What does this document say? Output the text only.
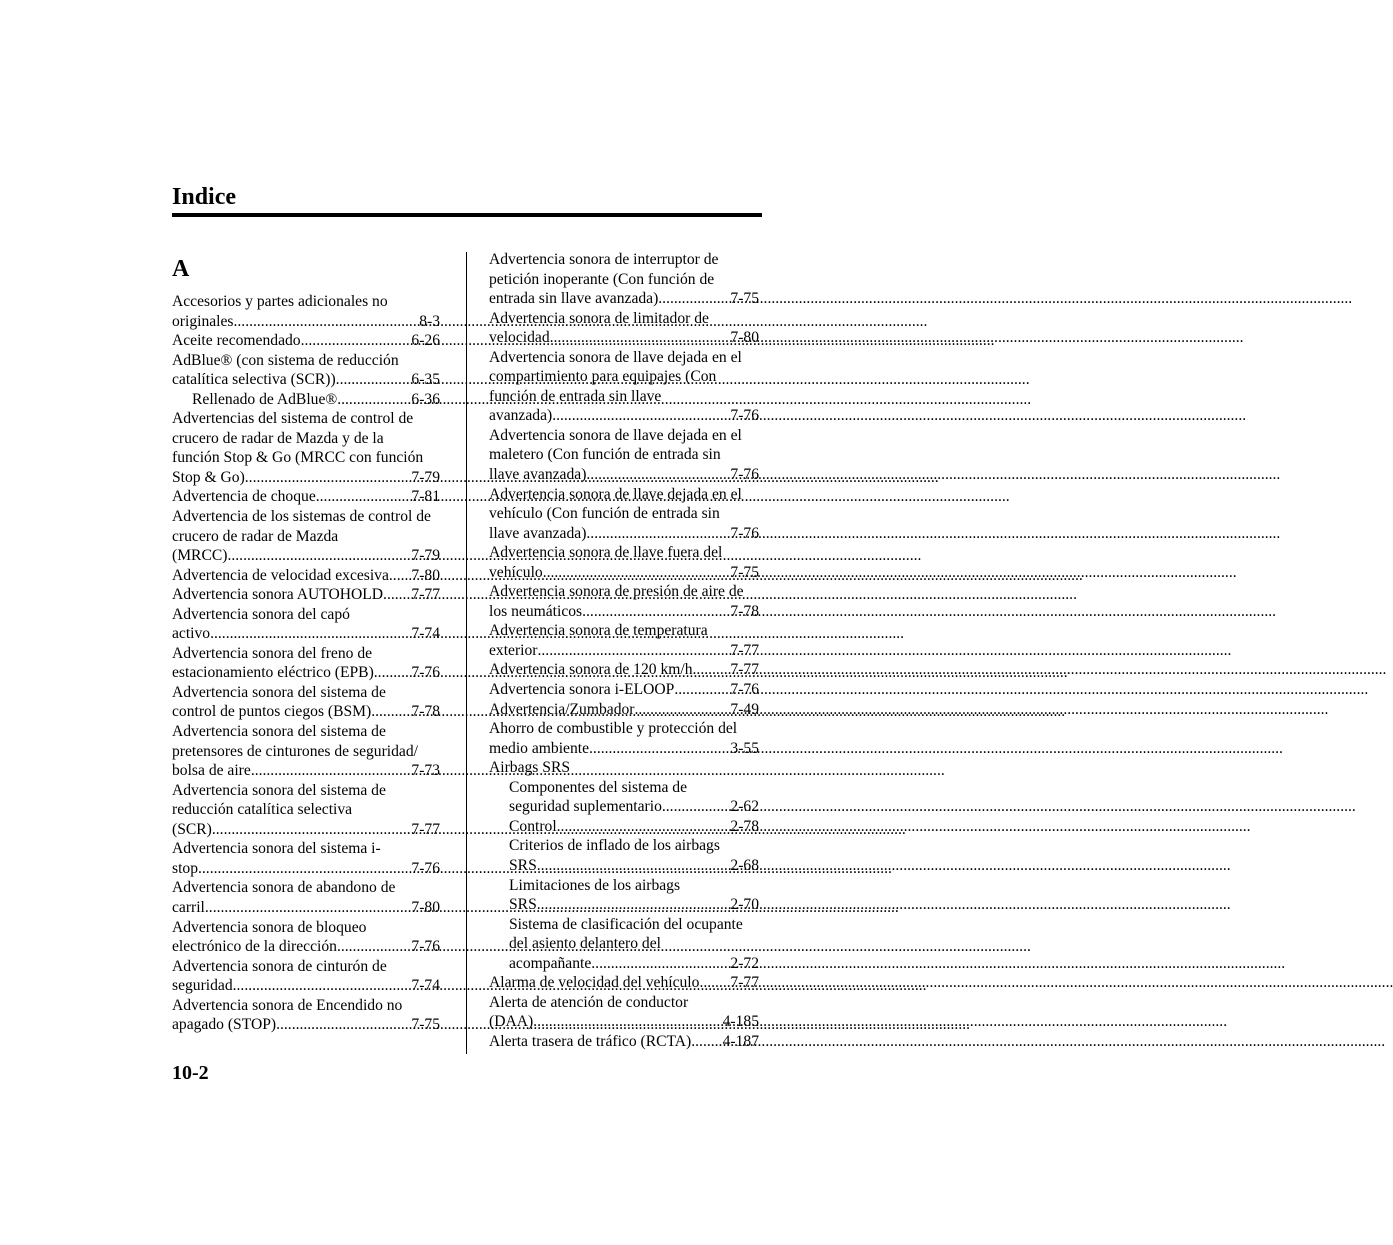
Indice
A
Accesorios y partes adicionales no
originales .....	8-3
Aceite recomendado .....	6-26
AdBlue® (con sistema de reducción
catalítica selectiva (SCR)) .....	6-35
Rellenado de AdBlue® .....	6-36
Advertencias del sistema de control de
crucero de radar de Mazda y de la
función Stop & Go (MRCC con función
Stop & Go) .....	7-79
Advertencia de choque .....	7-81
Advertencia de los sistemas de control de
crucero de radar de Mazda
(MRCC) .....	7-79
Advertencia de velocidad excesiva ..... 7-80
Advertencia sonora AUTOHOLD ..... 7-77
Advertencia sonora del capó
activo .....	7-74
Advertencia sonora del freno de
estacionamiento eléctrico (EPB) ..... 7-76
Advertencia sonora del sistema de
control de puntos ciegos (BSM) .....	7-78
Advertencia sonora del sistema de
pretensores de cinturones de seguridad/
bolsa de aire .....	7-73
Advertencia sonora del sistema de
reducción catalítica selectiva
(SCR) .....	7-77
Advertencia sonora del sistema i-
stop .....	7-76
Advertencia sonora de abandono de
carril .....	7-80
Advertencia sonora de bloqueo
electrónico de la dirección .....	7-76
Advertencia sonora de cinturón de
seguridad .....	7-74
Advertencia sonora de Encendido no
apagado (STOP) .....	7-75
Advertencia sonora de interruptor de
petición inoperante (Con función de
entrada sin llave avanzada) .....	7-75
Advertencia sonora de limitador de
velocidad .....	7-80
Advertencia sonora de llave dejada en el
compartimiento para equipajes (Con
función de entrada sin llave
avanzada) .....	7-76
Advertencia sonora de llave dejada en el
maletero (Con función de entrada sin
llave avanzada) .....	7-76
Advertencia sonora de llave dejada en el
vehículo (Con función de entrada sin
llave avanzada) .....	7-76
Advertencia sonora de llave fuera del
vehículo .....	7-75
Advertencia sonora de presión de aire de
los neumáticos .....	7-78
Advertencia sonora de temperatura
exterior .....	7-77
Advertencia sonora de 120 km/h ..... 7-77
Advertencia sonora i-ELOOP .....	7-76
Advertencia/Zumbador .....	7-49
Ahorro de combustible y protección del
medio ambiente .....	3-55
Airbags SRS
Componentes del sistema de
seguridad suplementario .....	2-62
Control .....	2-78
Criterios de inflado de los airbags
SRS .....	2-68
Limitaciones de los airbags
SRS .....	2-70
Sistema de clasificación del ocupante
del asiento delantero del
acompañante .....	2-72
Alarma de velocidad del vehículo ..... 7-77
Alerta de atención de conductor
(DAA) .....	4-185
Alerta trasera de tráfico (RCTA) ..... 4-187
10-2
